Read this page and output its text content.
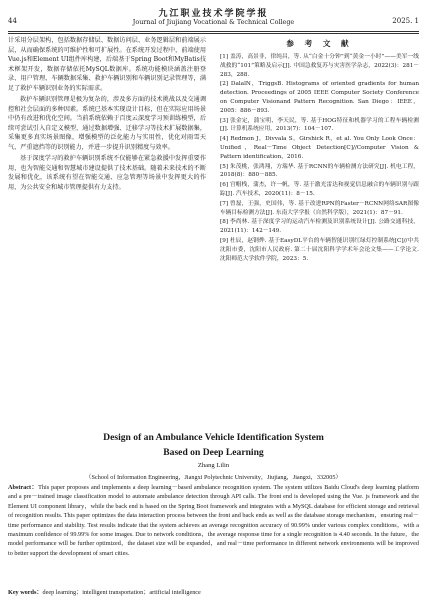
44
九江职业技术学院学报
Journal of Jiujiang Vocational & Technical College	2025. 1

计采用分层架构，包括数据存储层、数据访问层、业务逻辑层和前端展示层，从而确保系统的可维护性和可扩展性。在系统开发过程中，前端使用Vue.js和Element UI组件库构建，后端基于Spring Boot和MyBatis技术框架开发，数据存储依托MySQL数据库。系统功能模块涵盖注册登录、用户管理、车辆数据采集、救护车辆识别和车辆识别记录管理等，满足了救护车辆识别业务的实际需求。

救护车辆识别管理是极为复杂的，涉及多方面的技术挑战以及交通调控和社会层面的多种因素。系统已基本实现设计目标，但在实际应用场景中仍有改进和优化空间。当前系统依赖于百度云深度学习预训练模型，后续可尝试引入自定义模型，通过数据增强、迁移学习等技术扩展数据集，采集更多真实场景图像，增强模型的泛化能力与实用性，优化对雨雪天气、严重遮挡等的识别能力，并进一步提升识别精度与效率。

基于深度学习的救护车辆识别系统不仅能够在紧急救援中发挥重要作用，也为智能交通和智慧城市建设提供了技术基础。随着未来技术的不断发展和优化，该系统有望在智能交通、应急管理等场景中发挥更大的作用，为公共安全和城市管理提供有力支持。

参 考 文 献
[1] 盖涛，高景非，律纯昌，等. 从“白金十分钟”到“黄金一小时”——美军一线战救的“101”策略及启示[J]. 中国急救复苏与灾害医学杂志，2022(3)：281－283，288.
[2] DalalN，TriggsB. Histograms of oriented gradients for human detection. Proceedings of 2005 IEEE Computer Society Conference on Computer Visionand Pattern Recognition. San Diego：IEEE，2005：886－893.
[3] 张金定，蒲宝明，李天民，等. 基于HOG特征和机器学习的工程车辆检测[J]. 计算机系统应用，2013(7)：104－107.
[4] Redmon J，Divvala S，Girshick R，et al. You Only Look Once：Unified，Real－Time Object Detection[C]//Computer Vision & Pattern identification，2016.
[5] 朱茂桃，张鸿翔，方瑞华. 基于RCNN的车辆检测方法研究[J]. 机电工程，2018(8)：880－885.
[6] 宫帽栈，蒲杰，许一帆，等. 基于激光雷达和视觉信息融合的车辆识别与跟踪[J]. 汽车技术，2020(11)：8－15.
[7] 曾磊，王强，史国伟，等. 基于改进RPN的Faster－RCNN网络SAR图像车辆目标检测方法[J]. 东南大学学报（自然科学版），2021(1)：87－91.
[8] 李尚林. 基于深度学习的运动汽车检测及识别系统设计[J]. 公路交通科技，2021(11)：142－149.
[9] 杜辰，赵钢烨. 基于EasyDL平台的车辆智能识别红绿灯控制系统[C]//中共沈阳市委，沈阳市人民政府. 第二十届沈阳科学学术年会论文集——工学论文. 沈阳师范大学软件学院，2023：5.
Design of an Ambulance Vehicle Identification System
Based on Deep Learning
Zhang Lilin
（School of Information Engineering，Jiangxi Polytechnic University，Jiujiang，Jiangxi，332005）
Abstract：This paper proposes and implements a deep learning－based ambulance recognition system. The system utilizes Baidu Cloud's deep learning platform and a pre－trained image classification model to automate ambulance detection through API calls. The front end is developed using the Vue. js framework and the Element UI component library，while the back end is based on the Spring Boot framework and integrates with a MySQL database for efficient storage and retrieval of recognition results. This paper optimizes the data interaction process between the front and back ends as well as the database storage mechanism，ensuring real－time performance and stability. Test results indicate that the system achieves an average recognition accuracy of 90.99% under various complex conditions，with a maximum confidence of 99.99% for some images. Due to network conditions，the average response time for a single recognition is 4.40 seconds. In the future，the model performance will be further optimized，the dataset size will be expanded，and real－time performance in different network environments will be improved to better support the development of smart cities.
Key words：deep learning；intelligent transportation；artificial intelligence
